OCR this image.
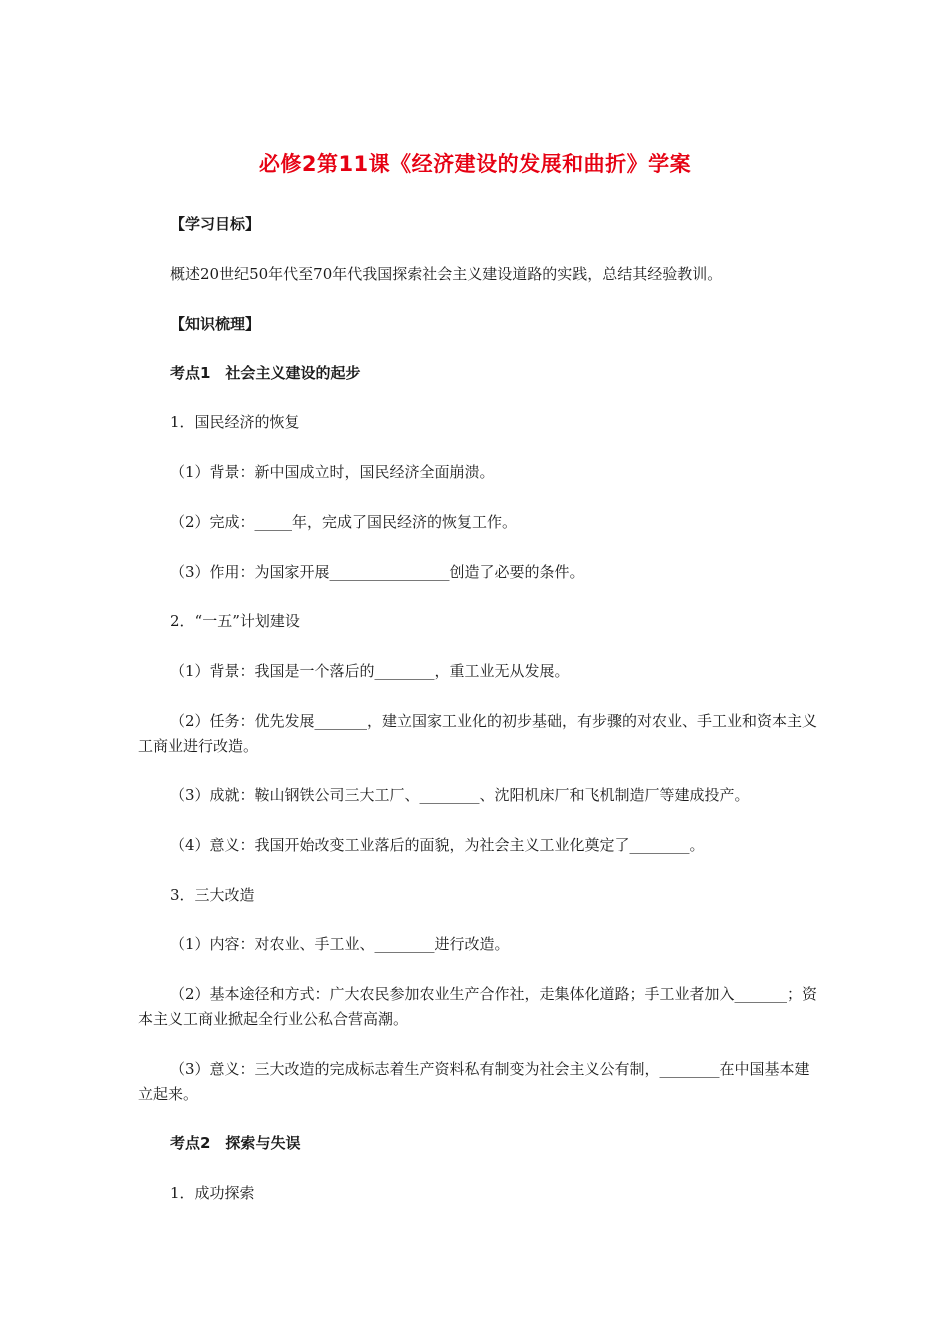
必修2第11课《经济建设的发展和曲折》学案
【学习目标】
概述20世纪50年代至70年代我国探索社会主义建设道路的实践，总结其经验教训。
【知识梳理】
考点1　社会主义建设的起步
1．国民经济的恢复
（1）背景：新中国成立时，国民经济全面崩溃。
（2）完成：_____年，完成了国民经济的恢复工作。
（3）作用：为国家开展________________创造了必要的条件。
2．“一五”计划建设
（1）背景：我国是一个落后的________，重工业无从发展。
（2）任务：优先发展_______，建立国家工业化的初步基础，有步骤的对农业、手工业和资本主义工商业进行改造。
（3）成就：鞍山钢铁公司三大工厂、________、沈阳机床厂和飞机制造厂等建成投产。
（4）意义：我国开始改变工业落后的面貌，为社会主义工业化奠定了________。
3．三大改造
（1）内容：对农业、手工业、________进行改造。
（2）基本途径和方式：广大农民参加农业生产合作社，走集体化道路；手工业者加入_______；资本主义工商业掀起全行业公私合营高潮。
（3）意义：三大改造的完成标志着生产资料私有制变为社会主义公有制，________在中国基本建立起来。
考点2　探索与失误
1．成功探索
